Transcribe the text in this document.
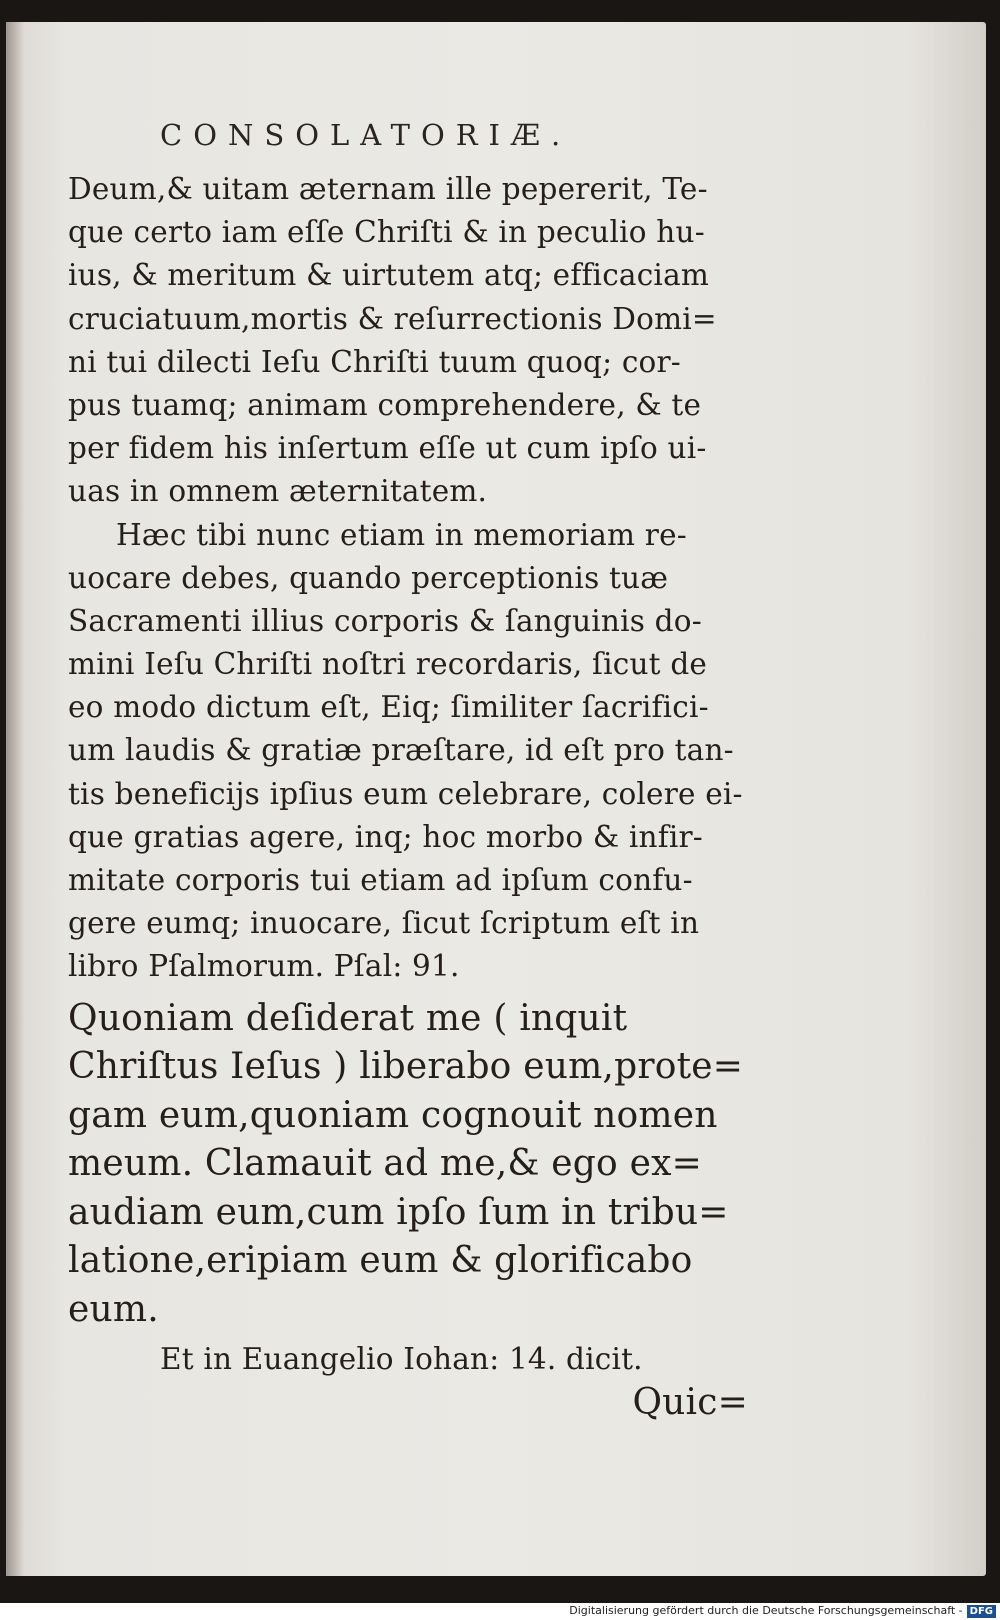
CONSOLATORIÆ.
Deum,& uitam æternam ille pepererit, Te-
que certo iam eſſe Chriſti & in peculio hu-
ius, & meritum & uirtutem atq; efficaciam
cruciatuum,mortis & reſurrectionis Domi=
ni tui dilecti Ieſu Chriſti tuum quoq; cor-
pus tuamq; animam comprehendere, & te
per fidem his inſertum eſſe ut cum ipſo ui-
uas in omnem æternitatem.
Hæc tibi nunc etiam in memoriam re-
uocare debes, quando perceptionis tuæ
Sacramenti illius corporis & ſanguinis do-
mini Ieſu Chriſti noſtri recordaris, ſicut de
eo modo dictum eſt, Eiq; ſimiliter ſacrifici-
um laudis & gratiæ præſtare, id eſt pro tan-
tis beneficijs ipſius eum celebrare, colere ei-
que gratias agere, inq; hoc morbo & infir-
mitate corporis tui etiam ad ipſum confu-
gere eumq; inuocare, ſicut ſcriptum eſt in
libro Pſalmorum. Pſal: 91.
Quoniam deſiderat me ( inquit
Chriſtus Ieſus ) liberabo eum,prote=
gam eum,quoniam cognouit nomen
meum. Clamauit ad me,& ego ex=
audiam eum,cum ipſo ſum in tribu=
latione,eripiam eum & glorificabo
eum.
Et in Euangelio Iohan: 14. dicit.
Quic=
Digitalisierung gefördert durch die Deutsche Forschungsgemeinschaft - DFG
